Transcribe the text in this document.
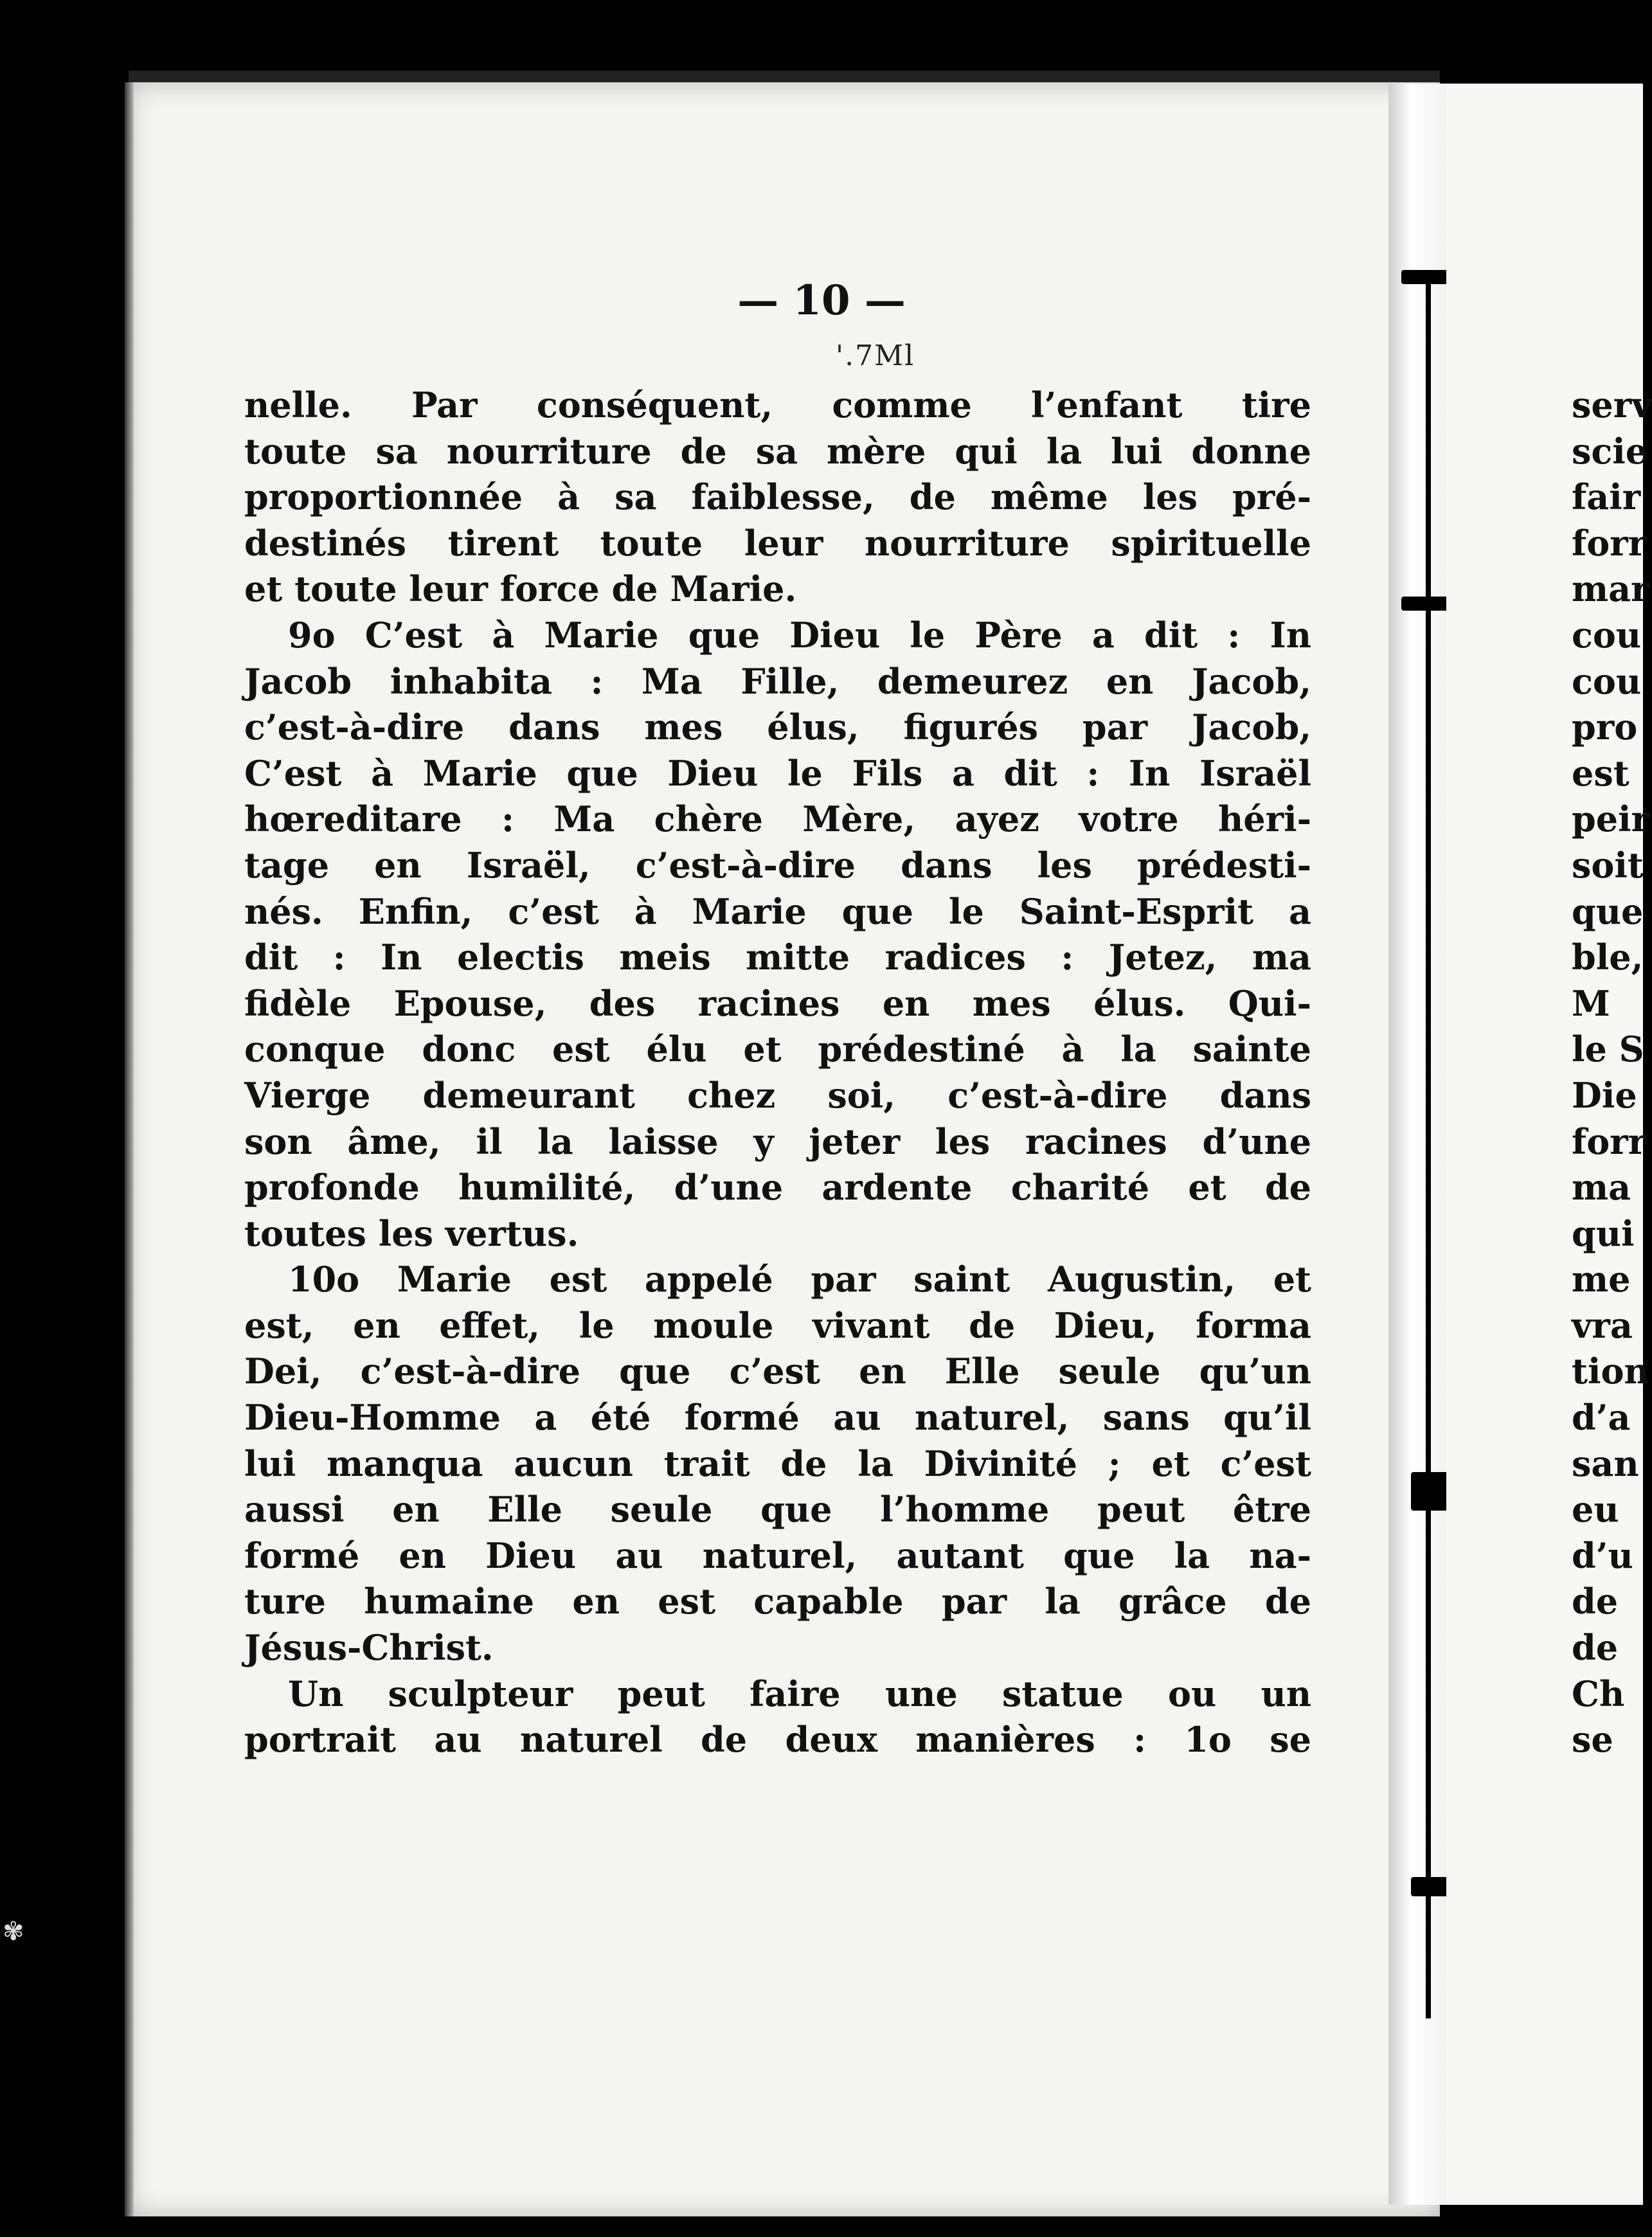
— 10 —
'.7Ml
nelle. Par conséquent, comme l’enfant tire
toute sa nourriture de sa mère qui la lui donne
proportionnée à sa faiblesse, de même les pré-
destinés tirent toute leur nourriture spirituelle
et toute leur force de Marie.
9o C’est à Marie que Dieu le Père a dit : In
Jacob inhabita : Ma Fille, demeurez en Jacob,
c’est-à-dire dans mes élus, figurés par Jacob,
C’est à Marie que Dieu le Fils a dit : In Israël
hœreditare : Ma chère Mère, ayez votre héri-
tage en Israël, c’est-à-dire dans les prédesti-
nés. Enfin, c’est à Marie que le Saint-Esprit a
dit : In electis meis mitte radices : Jetez, ma
fidèle Epouse, des racines en mes élus. Qui-
conque donc est élu et prédestiné à la sainte
Vierge demeurant chez soi, c’est-à-dire dans
son âme, il la laisse y jeter les racines d’une
profonde humilité, d’une ardente charité et de
toutes les vertus.
10o Marie est appelé par saint Augustin, et
est, en effet, le moule vivant de Dieu, forma
Dei, c’est-à-dire que c’est en Elle seule qu’un
Dieu-Homme a été formé au naturel, sans qu’il
lui manqua aucun trait de la Divinité ; et c’est
aussi en Elle seule que l’homme peut être
formé en Dieu au naturel, autant que la na-
ture humaine en est capable par la grâce de
Jésus-Christ.
Un sculpteur peut faire une statue ou un
portrait au naturel de deux manières : 1o se
serv
scie
fair
forr
mar
cou
cou
pro
est
peir
soit
que
ble,
M
le S
Die
forr
ma
qui
me
vra
tion
d’a
san
eu
d’u
de
de
Ch
se
✾
